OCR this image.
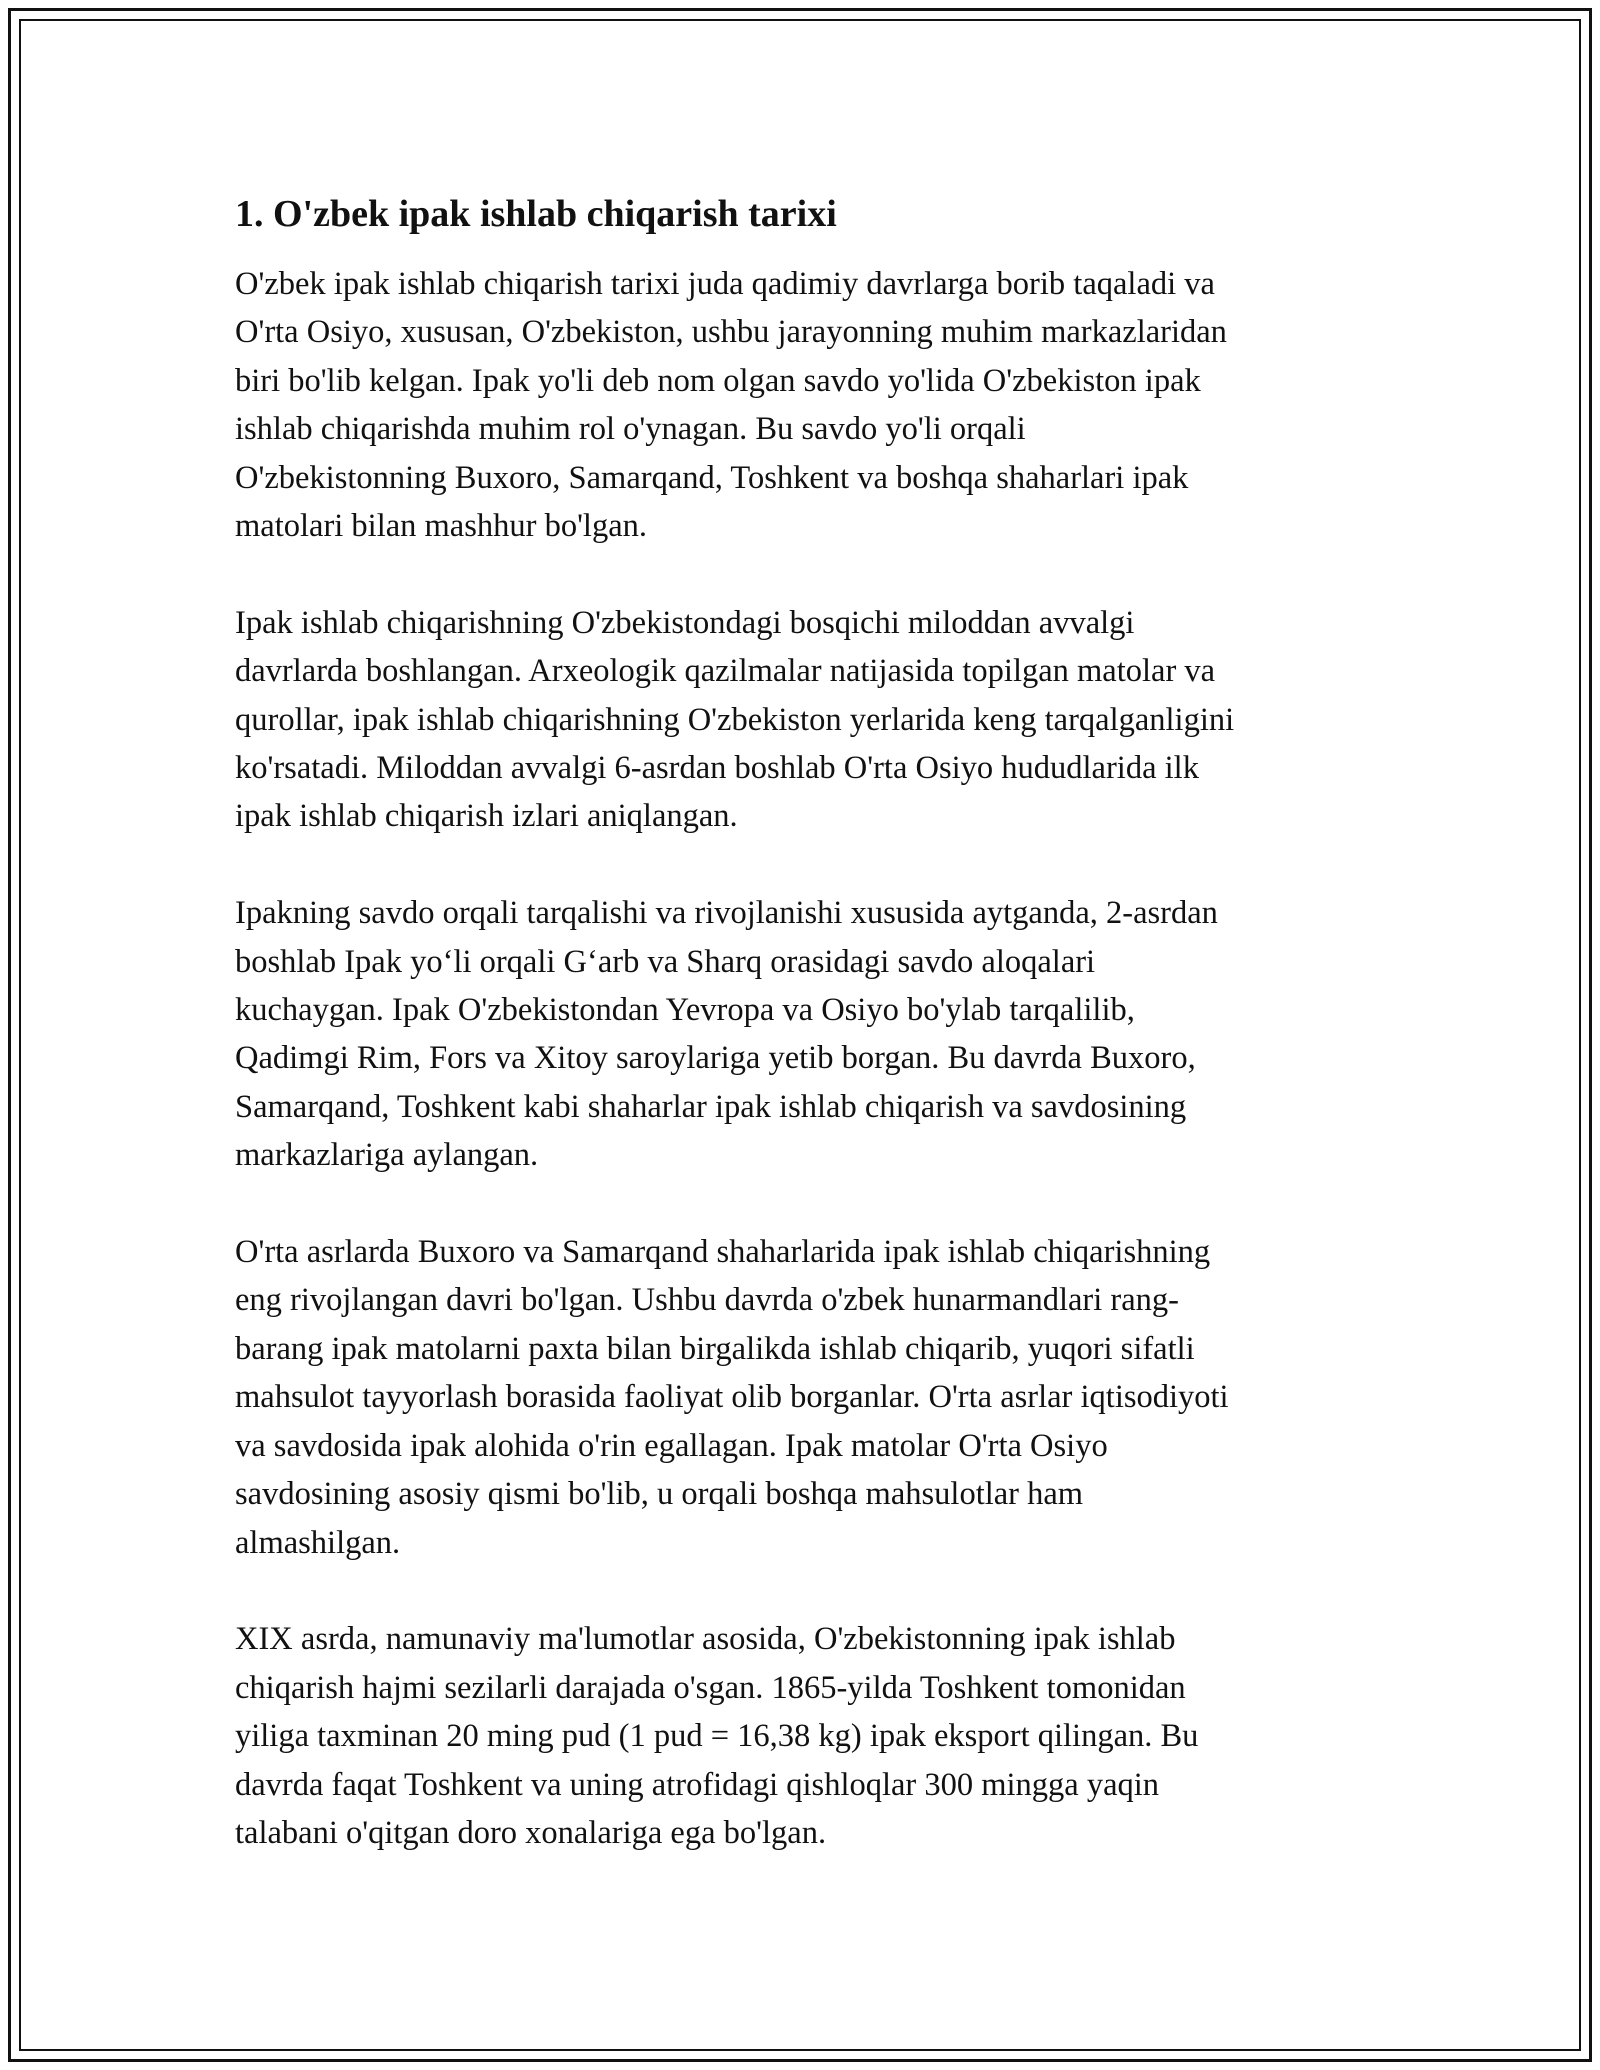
1. O'zbek ipak ishlab chiqarish tarixi
O'zbek ipak ishlab chiqarish tarixi juda qadimiy davrlarga borib taqaladi va
O'rta Osiyo, xususan, O'zbekiston, ushbu jarayonning muhim markazlaridan
biri bo'lib kelgan. Ipak yo'li deb nom olgan savdo yo'lida O'zbekiston ipak
ishlab chiqarishda muhim rol o'ynagan. Bu savdo yo'li orqali
O'zbekistonning Buxoro, Samarqand, Toshkent va boshqa shaharlari ipak
matolari bilan mashhur bo'lgan.
Ipak ishlab chiqarishning O'zbekistondagi bosqichi miloddan avvalgi
davrlarda boshlangan. Arxeologik qazilmalar natijasida topilgan matolar va
qurollar, ipak ishlab chiqarishning O'zbekiston yerlarida keng tarqalganligini
ko'rsatadi. Miloddan avvalgi 6-asrdan boshlab O'rta Osiyo hududlarida ilk
ipak ishlab chiqarish izlari aniqlangan.
Ipakning savdo orqali tarqalishi va rivojlanishi xususida aytganda, 2-asrdan
boshlab Ipak yo‘li orqali G‘arb va Sharq orasidagi savdo aloqalari
kuchaygan. Ipak O'zbekistondan Yevropa va Osiyo bo'ylab tarqalilib,
Qadimgi Rim, Fors va Xitoy saroylariga yetib borgan. Bu davrda Buxoro,
Samarqand, Toshkent kabi shaharlar ipak ishlab chiqarish va savdosining
markazlariga aylangan.
O'rta asrlarda Buxoro va Samarqand shaharlarida ipak ishlab chiqarishning
eng rivojlangan davri bo'lgan. Ushbu davrda o'zbek hunarmandlari rang-
barang ipak matolarni paxta bilan birgalikda ishlab chiqarib, yuqori sifatli
mahsulot tayyorlash borasida faoliyat olib borganlar. O'rta asrlar iqtisodiyoti
va savdosida ipak alohida o'rin egallagan. Ipak matolar O'rta Osiyo
savdosining asosiy qismi bo'lib, u orqali boshqa mahsulotlar ham
almashilgan.
XIX asrda, namunaviy ma'lumotlar asosida, O'zbekistonning ipak ishlab
chiqarish hajmi sezilarli darajada o'sgan. 1865-yilda Toshkent tomonidan
yiliga taxminan 20 ming pud (1 pud = 16,38 kg) ipak eksport qilingan. Bu
davrda faqat Toshkent va uning atrofidagi qishloqlar 300 mingga yaqin
talabani o'qitgan doro xonalariga ega bo'lgan.
